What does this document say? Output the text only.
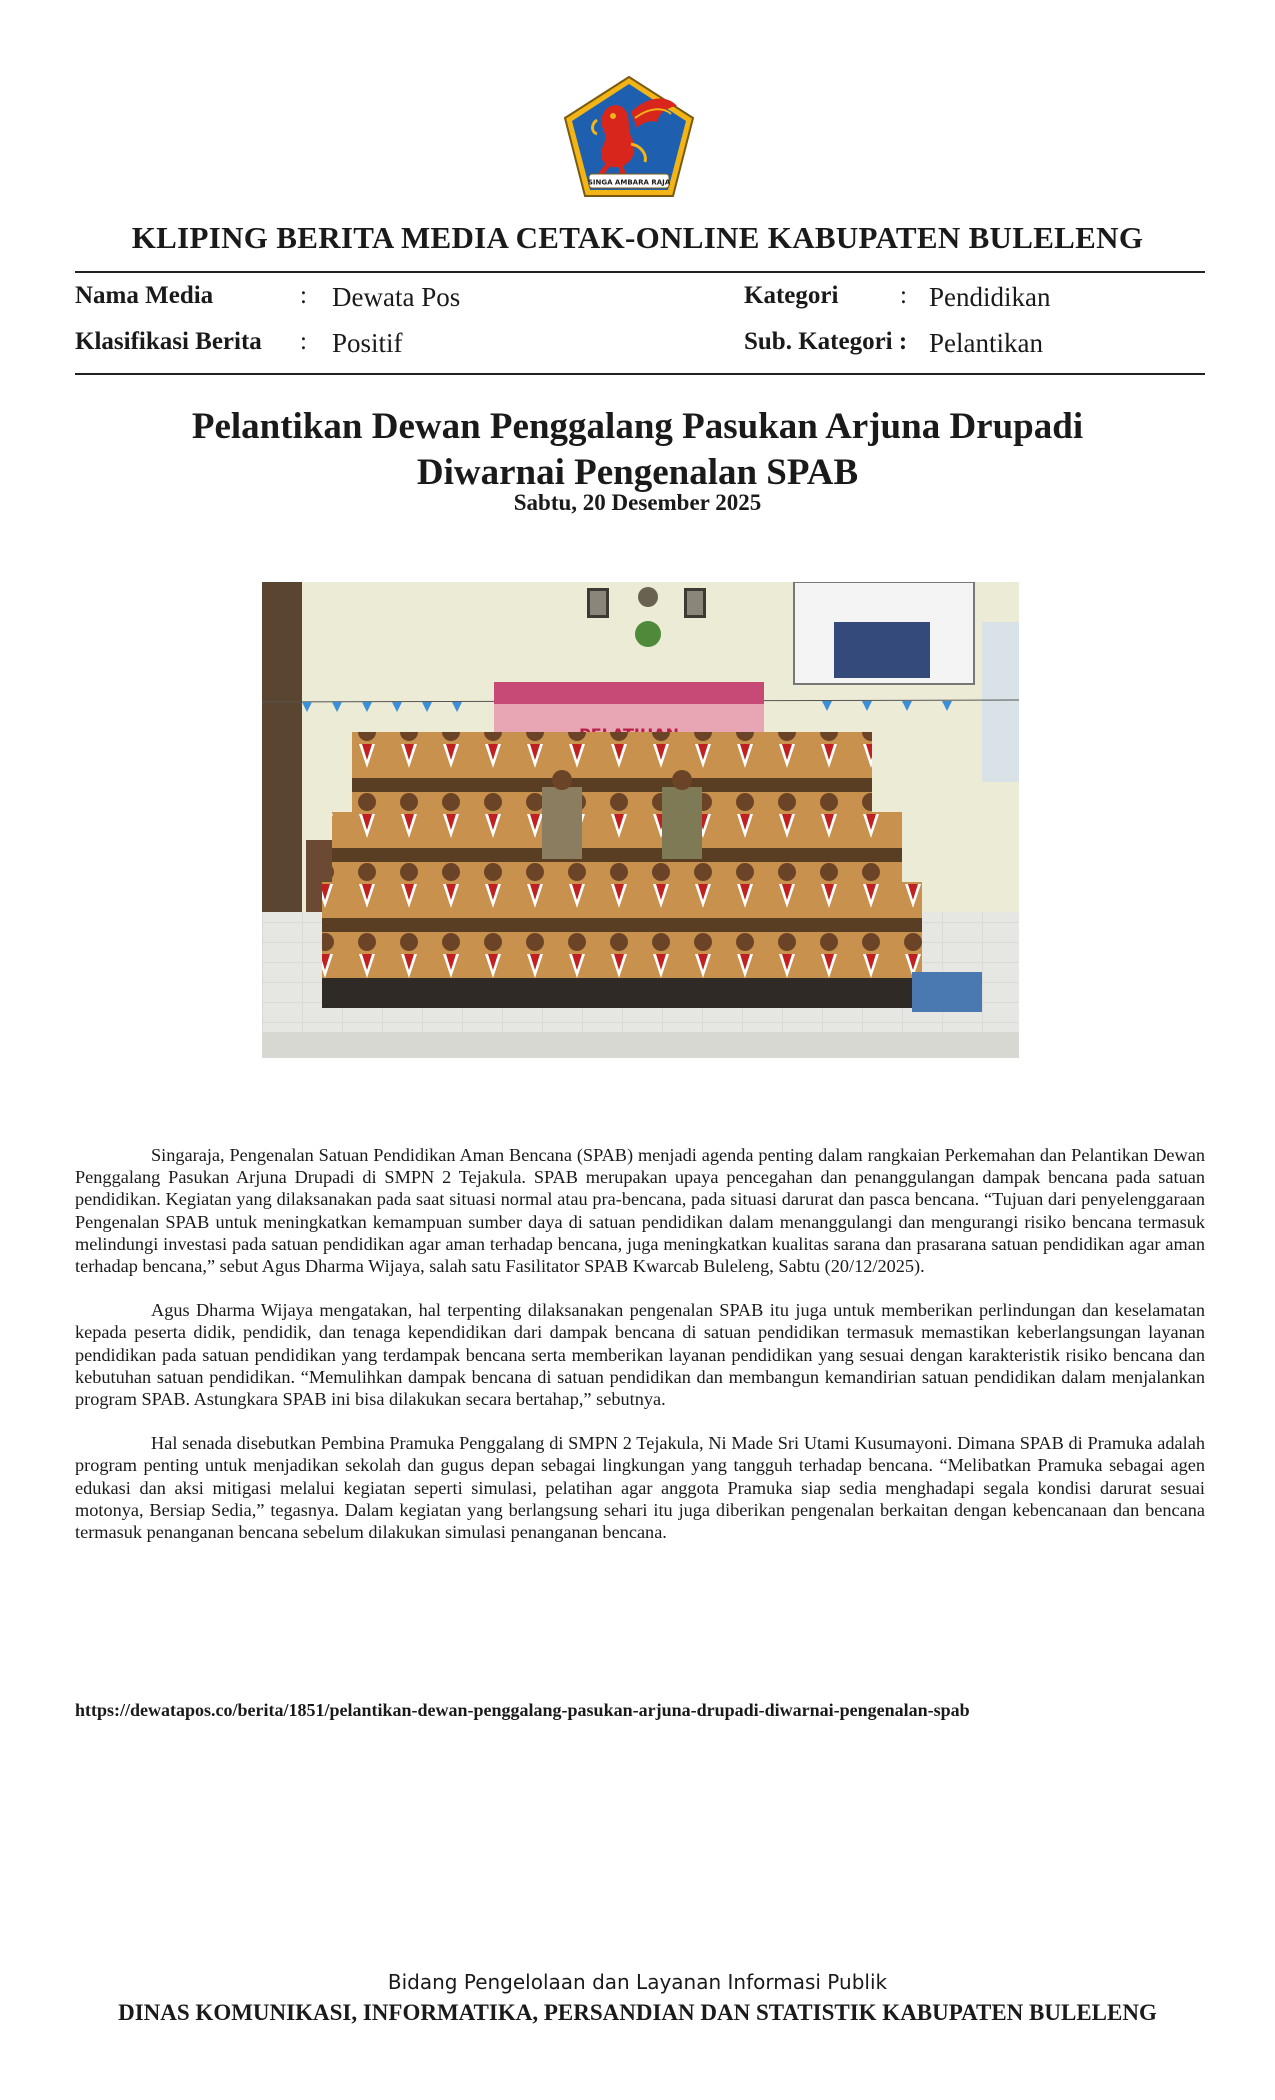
SINGA AMBARA RAJA
KLIPING BERITA MEDIA CETAK-ONLINE KABUPATEN BULELENG
Nama Media	: Dewata Pos	Kategori : Pendidikan
Klasifikasi Berita : Positif	Sub. Kategori : Pelantikan
Pelantikan Dewan Penggalang Pasukan Arjuna Drupadi
Diwarnai Pengenalan SPAB
Sabtu, 20 Desember 2025

Singaraja, Pengenalan Satuan Pendidikan Aman Bencana (SPAB) menjadi agenda penting dalam rangkaian Perkemahan dan Pelantikan Dewan Penggalang Pasukan Arjuna Drupadi di SMPN 2 Tejakula. SPAB merupakan upaya pencegahan dan penanggulangan dampak bencana pada satuan pendidikan. Kegiatan yang dilaksanakan pada saat situasi normal atau pra-bencana, pada situasi darurat dan pasca bencana. “Tujuan dari penyelenggaraan Pengenalan SPAB untuk meningkatkan kemampuan sumber daya di satuan pendidikan dalam menanggulangi dan mengurangi risiko bencana termasuk melindungi investasi pada satuan pendidikan agar aman terhadap bencana, juga meningkatkan kualitas sarana dan prasarana satuan pendidikan agar aman terhadap bencana,” sebut Agus Dharma Wijaya, salah satu Fasilitator SPAB Kwarcab Buleleng, Sabtu (20/12/2025).

Agus Dharma Wijaya mengatakan, hal terpenting dilaksanakan pengenalan SPAB itu juga untuk memberikan perlindungan dan keselamatan kepada peserta didik, pendidik, dan tenaga kependidikan dari dampak bencana di satuan pendidikan termasuk memastikan keberlangsungan layanan pendidikan pada satuan pendidikan yang terdampak bencana serta memberikan layanan pendidikan yang sesuai dengan karakteristik risiko bencana dan kebutuhan satuan pendidikan. “Memulihkan dampak bencana di satuan pendidikan dan membangun kemandirian satuan pendidikan dalam menjalankan program SPAB. Astungkara SPAB ini bisa dilakukan secara bertahap,” sebutnya.

Hal senada disebutkan Pembina Pramuka Penggalang di SMPN 2 Tejakula, Ni Made Sri Utami Kusumayoni. Dimana SPAB di Pramuka adalah program penting untuk menjadikan sekolah dan gugus depan sebagai lingkungan yang tangguh terhadap bencana. “Melibatkan Pramuka sebagai agen edukasi dan aksi mitigasi melalui kegiatan seperti simulasi, pelatihan agar anggota Pramuka siap sedia menghadapi segala kondisi darurat sesuai motonya, Bersiap Sedia,” tegasnya. Dalam kegiatan yang berlangsung sehari itu juga diberikan pengenalan berkaitan dengan kebencanaan dan bencana termasuk penanganan bencana sebelum dilakukan simulasi penanganan bencana.

https://dewatapos.co/berita/1851/pelantikan-dewan-penggalang-pasukan-arjuna-drupadi-diwarnai-pengenalan-spab
Bidang Pengelolaan dan Layanan Informasi Publik
DINAS KOMUNIKASI, INFORMATIKA, PERSANDIAN DAN STATISTIK KABUPATEN BULELENG
